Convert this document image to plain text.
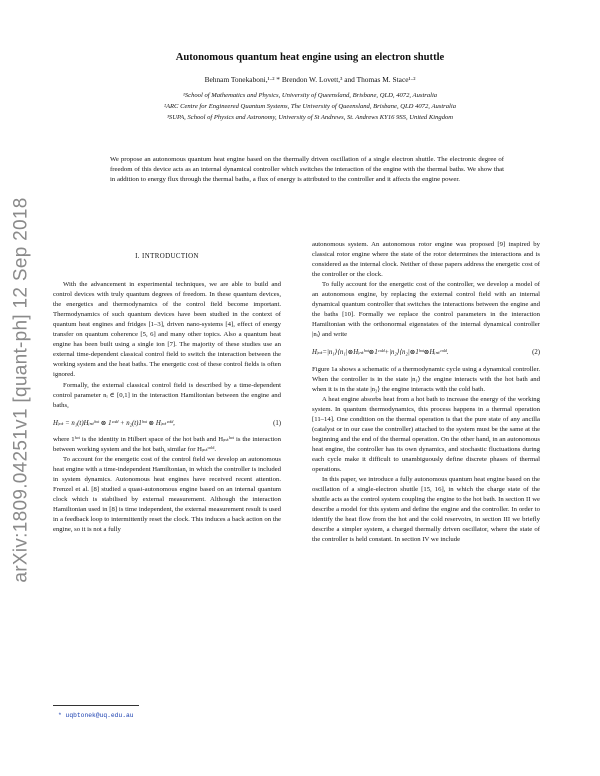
arXiv:1809.04251v1 [quant-ph] 12 Sep 2018
Autonomous quantum heat engine using an electron shuttle
Behnam Tonekaboni,¹·² * Brendon W. Lovett,³ and Thomas M. Stace¹·²
¹School of Mathematics and Physics, University of Queensland, Brisbane, QLD, 4072, Australia
²ARC Centre for Engineered Quantum Systems, The University of Queensland, Brisbane, QLD 4072, Australia
³SUPA, School of Physics and Astronomy, University of St Andrews, St. Andrews KY16 9SS, United Kingdom
We propose an autonomous quantum heat engine based on the thermally driven oscillation of a single electron shuttle. The electronic degree of freedom of this device acts as an internal dynamical controller which switches the interaction of the engine with the thermal baths. We show that in addition to energy flux through the thermal baths, a flux of energy is attributed to the controller and it affects the engine power.
I. INTRODUCTION

With the advancement in experimental techniques, we are able to build and control devices with truly quantum degrees of freedom. In these quantum devices, the energetics and thermodynamics of the control field become important. Thermodynamics of such quantum devices have been studied in the context of quantum heat engines and fridges [1–3], driven nano-systems [4], effect of energy transfer on quantum coherence [5, 6] and many other topics. Also a quantum heat engine has been built using a single ion [7]. The majority of these studies use an external time-dependent classical control field to switch the interaction between the working system and the heat baths. The energetic cost of these control fields is often ignored.

Formally, the external classical control field is described by a time-dependent control parameter nᵢ ∈ [0,1] in the interaction Hamiltonian between the engine and baths,

Hᵢₙₜ = n₁(t)Hᵢₙₜʰᵒᵗ ⊗ 1ᶜᵒˡᵈ + n₂(t)1ʰᵒᵗ ⊗ Hᵢₙₜᶜᵒˡᵈ,	(1)

where 1ʰᵒᵗ is the identity in Hilbert space of the hot bath and Hᵢₙₜʰᵒᵗ is the interaction between working system and the hot bath, similar for Hᵢₙₜᶜᵒˡᵈ.

To account for the energetic cost of the control field we develop an autonomous heat engine with a time-independent Hamiltonian, in which the controller is included in system dynamics. Autonomous heat engines have received recent attention. Frenzel et al. [8] studied a quasi-autonomous engine based on an internal quantum clock which is stabilised by external measurement. Although the interaction Hamiltonian used in [8] is time independent, the external measurement result is used in a feedback loop to intermittently reset the clock. This induces a back action on the engine, so it is not a fully

autonomous system. An autonomous rotor engine was proposed [9] inspired by classical rotor engine where the state of the rotor determines the interactions and is considered as the internal clock. Neither of these papers address the energetic cost of the controller or the clock.

To fully account for the energetic cost of the controller, we develop a model of an autonomous engine, by replacing the external control field with an internal dynamical quantum controller that switches the interactions between the engine and the baths [10]. Formally we replace the control parameters in the interaction Hamiltonian with the orthonormal eigenstates of the internal dynamical controller |nᵢ⟩ and write

Hᵢₙₜ=|n₁⟩⟨n₁|⊗Hᵢₙₜʰᵒᵗ⊗1ᶜᵒˡᵈ+|n₂⟩⟨n₂|⊗1ʰᵒᵗ⊗Hᵢₙₜᶜᵒˡᵈ.	(2)

Figure 1a shows a schematic of a thermodynamic cycle using a dynamical controller. When the controller is in the state |n₁⟩ the engine interacts with the hot bath and when it is in the state |n₂⟩ the engine interacts with the cold bath.

A heat engine absorbs heat from a hot bath to increase the energy of the working system. In quantum thermodynamics, this process happens in a thermal operation [11–14]. One condition on the thermal operation is that the pure state of any ancilla (catalyst or in our case the controller) attached to the system must be the same at the beginning and the end of the thermal operation. On the other hand, in an autonomous heat engine, the controller has its own dynamics, and stochastic fluctuations during each cycle make it difficult to unambiguously define discrete phases of thermal operations.

In this paper, we introduce a fully autonomous quantum heat engine based on the oscillation of a single-electron shuttle [15, 16], in which the charge state of the shuttle acts as the control system coupling the engine to the hot bath. In section II we describe a model for this system and define the engine and the controller. In order to identify the heat flow from the hot and the cold reservoirs, in section III we briefly describe a simpler system, a charged thermally driven oscillator, where the state of the controller is held constant. In section IV we include

* uqbtonek@uq.edu.au
